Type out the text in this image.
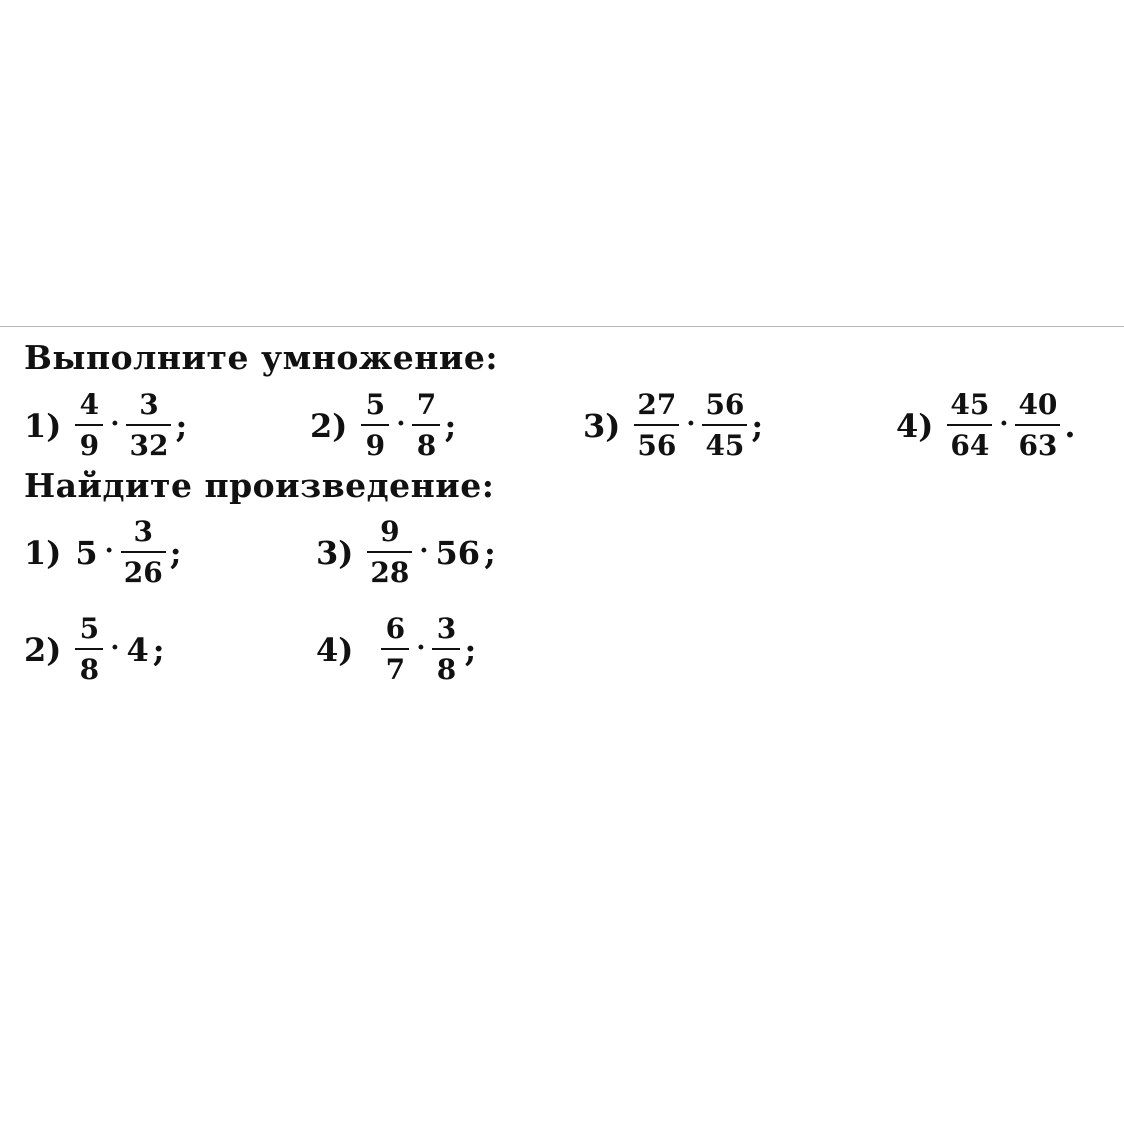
Выполните умножение:
$1) \frac{4}{9} \cdot \frac{3}{32}$ ;	$2) \frac{5}{9} \cdot \frac{7}{8}$ ;	$3) \frac{27}{56} \cdot \frac{56}{45}$ ;	$4) \frac{45}{64} \cdot \frac{40}{63}$ .
Найдите произведение:
1) $5 \cdot \frac{3}{26}$ ;	$3) \frac{9}{28} \cdot 56$ ;
$2) \frac{5}{8} \cdot 4$ ;	$4) \frac{6}{7} \cdot \frac{3}{8}$ ;
